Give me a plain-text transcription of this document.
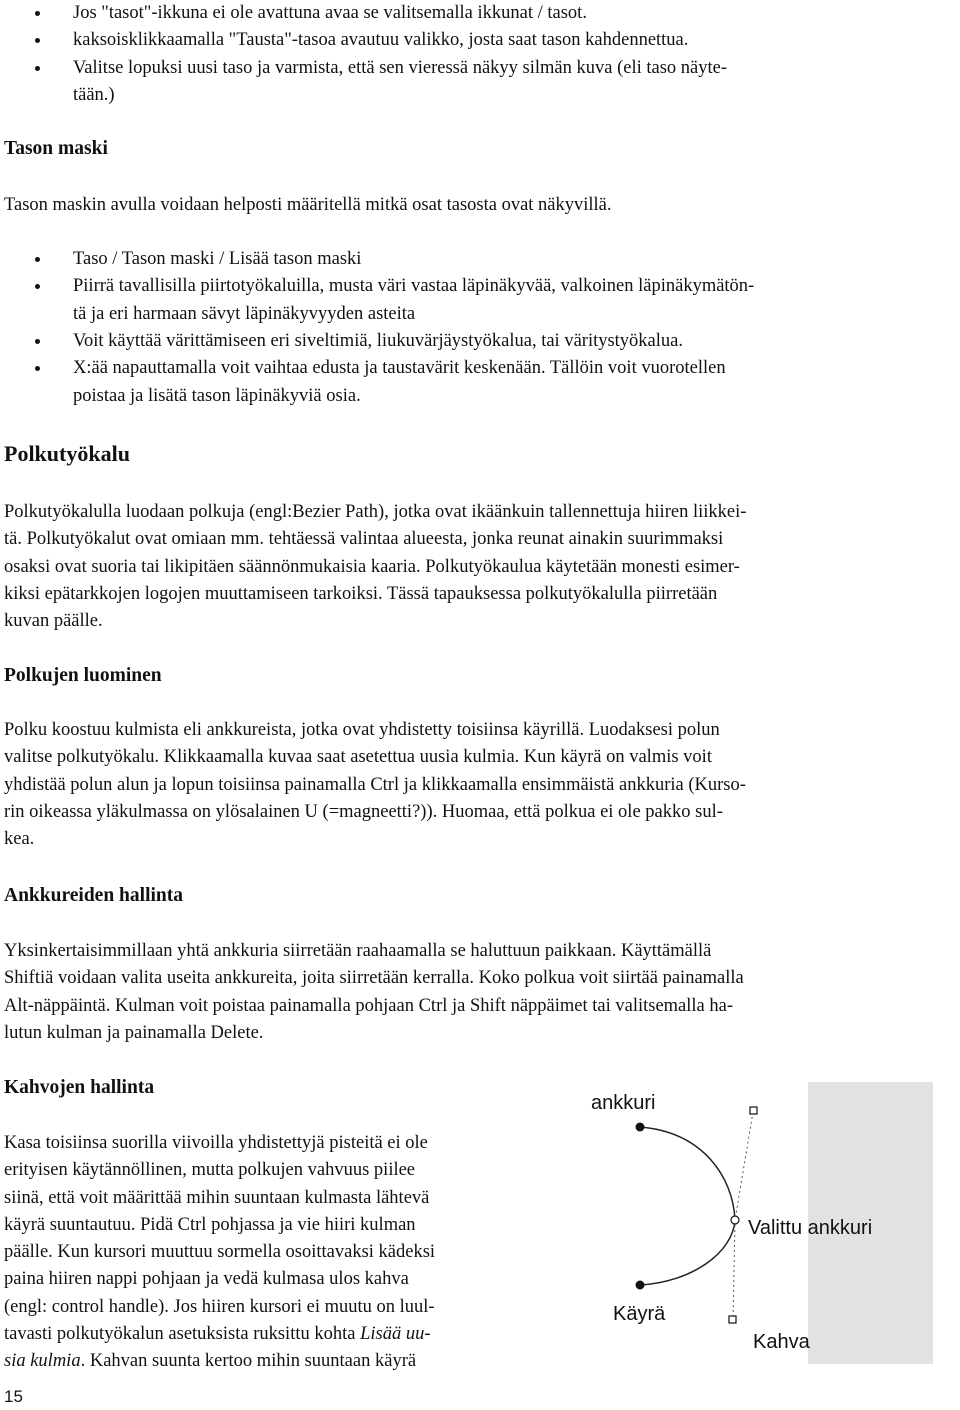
Jos "tasot"-ikkuna ei ole avattuna avaa se valitsemalla ikkunat / tasot.
kaksoisklikkaamalla "Tausta"-tasoa avautuu valikko, josta saat tason kahdennettua.
Valitse lopuksi uusi taso ja varmista, että sen vieressä näkyy silmän kuva (eli taso näyte-
tään.)
Tason maski

Tason maskin avulla voidaan helposti määritellä mitkä osat tasosta ovat näkyvillä.

Taso / Tason maski / Lisää tason maski
Piirrä tavallisilla piirtotyökaluilla, musta väri vastaa läpinäkyvää, valkoinen läpinäkymätön-
tä ja eri harmaan sävyt läpinäkyvyyden asteita
Voit käyttää värittämiseen eri siveltimiä, liukuvärjäystyökalua, tai väritystyökalua.
X:ää napauttamalla voit vaihtaa edusta ja taustavärit keskenään. Tällöin voit vuorotellen
poistaa ja lisätä tason läpinäkyviä osia.
Polkutyökalu

Polkutyökalulla luodaan polkuja (engl:Bezier Path), jotka ovat ikäänkuin tallennettuja hiiren liikkei-

tä. Polkutyökalut ovat omiaan mm. tehtäessä valintaa alueesta, jonka reunat ainakin suurimmaksi

osaksi ovat suoria tai likipitäen säännönmukaisia kaaria. Polkutyökaulua käytetään monesti esimer-

kiksi epätarkkojen logojen muuttamiseen tarkoiksi. Tässä tapauksessa polkutyökalulla piirretään

kuvan päälle.

Polkujen luominen

Polku koostuu kulmista eli ankkureista, jotka ovat yhdistetty toisiinsa käyrillä. Luodaksesi polun

valitse polkutyökalu. Klikkaamalla kuvaa saat asetettua uusia kulmia. Kun käyrä on valmis voit

yhdistää polun alun ja lopun toisiinsa painamalla Ctrl ja klikkaamalla ensimmäistä ankkuria (Kurso-

rin oikeassa yläkulmassa on ylösalainen U (=magneetti?)). Huomaa, että polkua ei ole pakko sul-

kea.

Ankkureiden hallinta

Yksinkertaisimmillaan yhtä ankkuria siirretään raahaamalla se haluttuun paikkaan. Käyttämällä

Shiftiä voidaan valita useita ankkureita, joita siirretään kerralla. Koko polkua voit siirtää painamalla

Alt-näppäintä. Kulman voit poistaa painamalla pohjaan Ctrl ja Shift näppäimet tai valitsemalla ha-

lutun kulman ja painamalla Delete.

Kahvojen hallinta

Kasa toisiinsa suorilla viivoilla yhdistettyjä pisteitä ei ole

erityisen käytännöllinen, mutta polkujen vahvuus piilee

siinä, että voit määrittää mihin suuntaan kulmasta lähtevä

käyrä suuntautuu. Pidä Ctrl pohjassa ja vie hiiri kulman

päälle. Kun kursori muuttuu sormella osoittavaksi kädeksi

paina hiiren nappi pohjaan ja vedä kulmasa ulos kahva

(engl: control handle). Jos hiiren kursori ei muutu on luul-

tavasti polkutyökalun asetuksista ruksittu kohta Lisää uu-

sia kulmia. Kahvan suunta kertoo mihin suuntaan käyrä

ankkuri
Valittu ankkuri
Käyrä
Kahva
15
